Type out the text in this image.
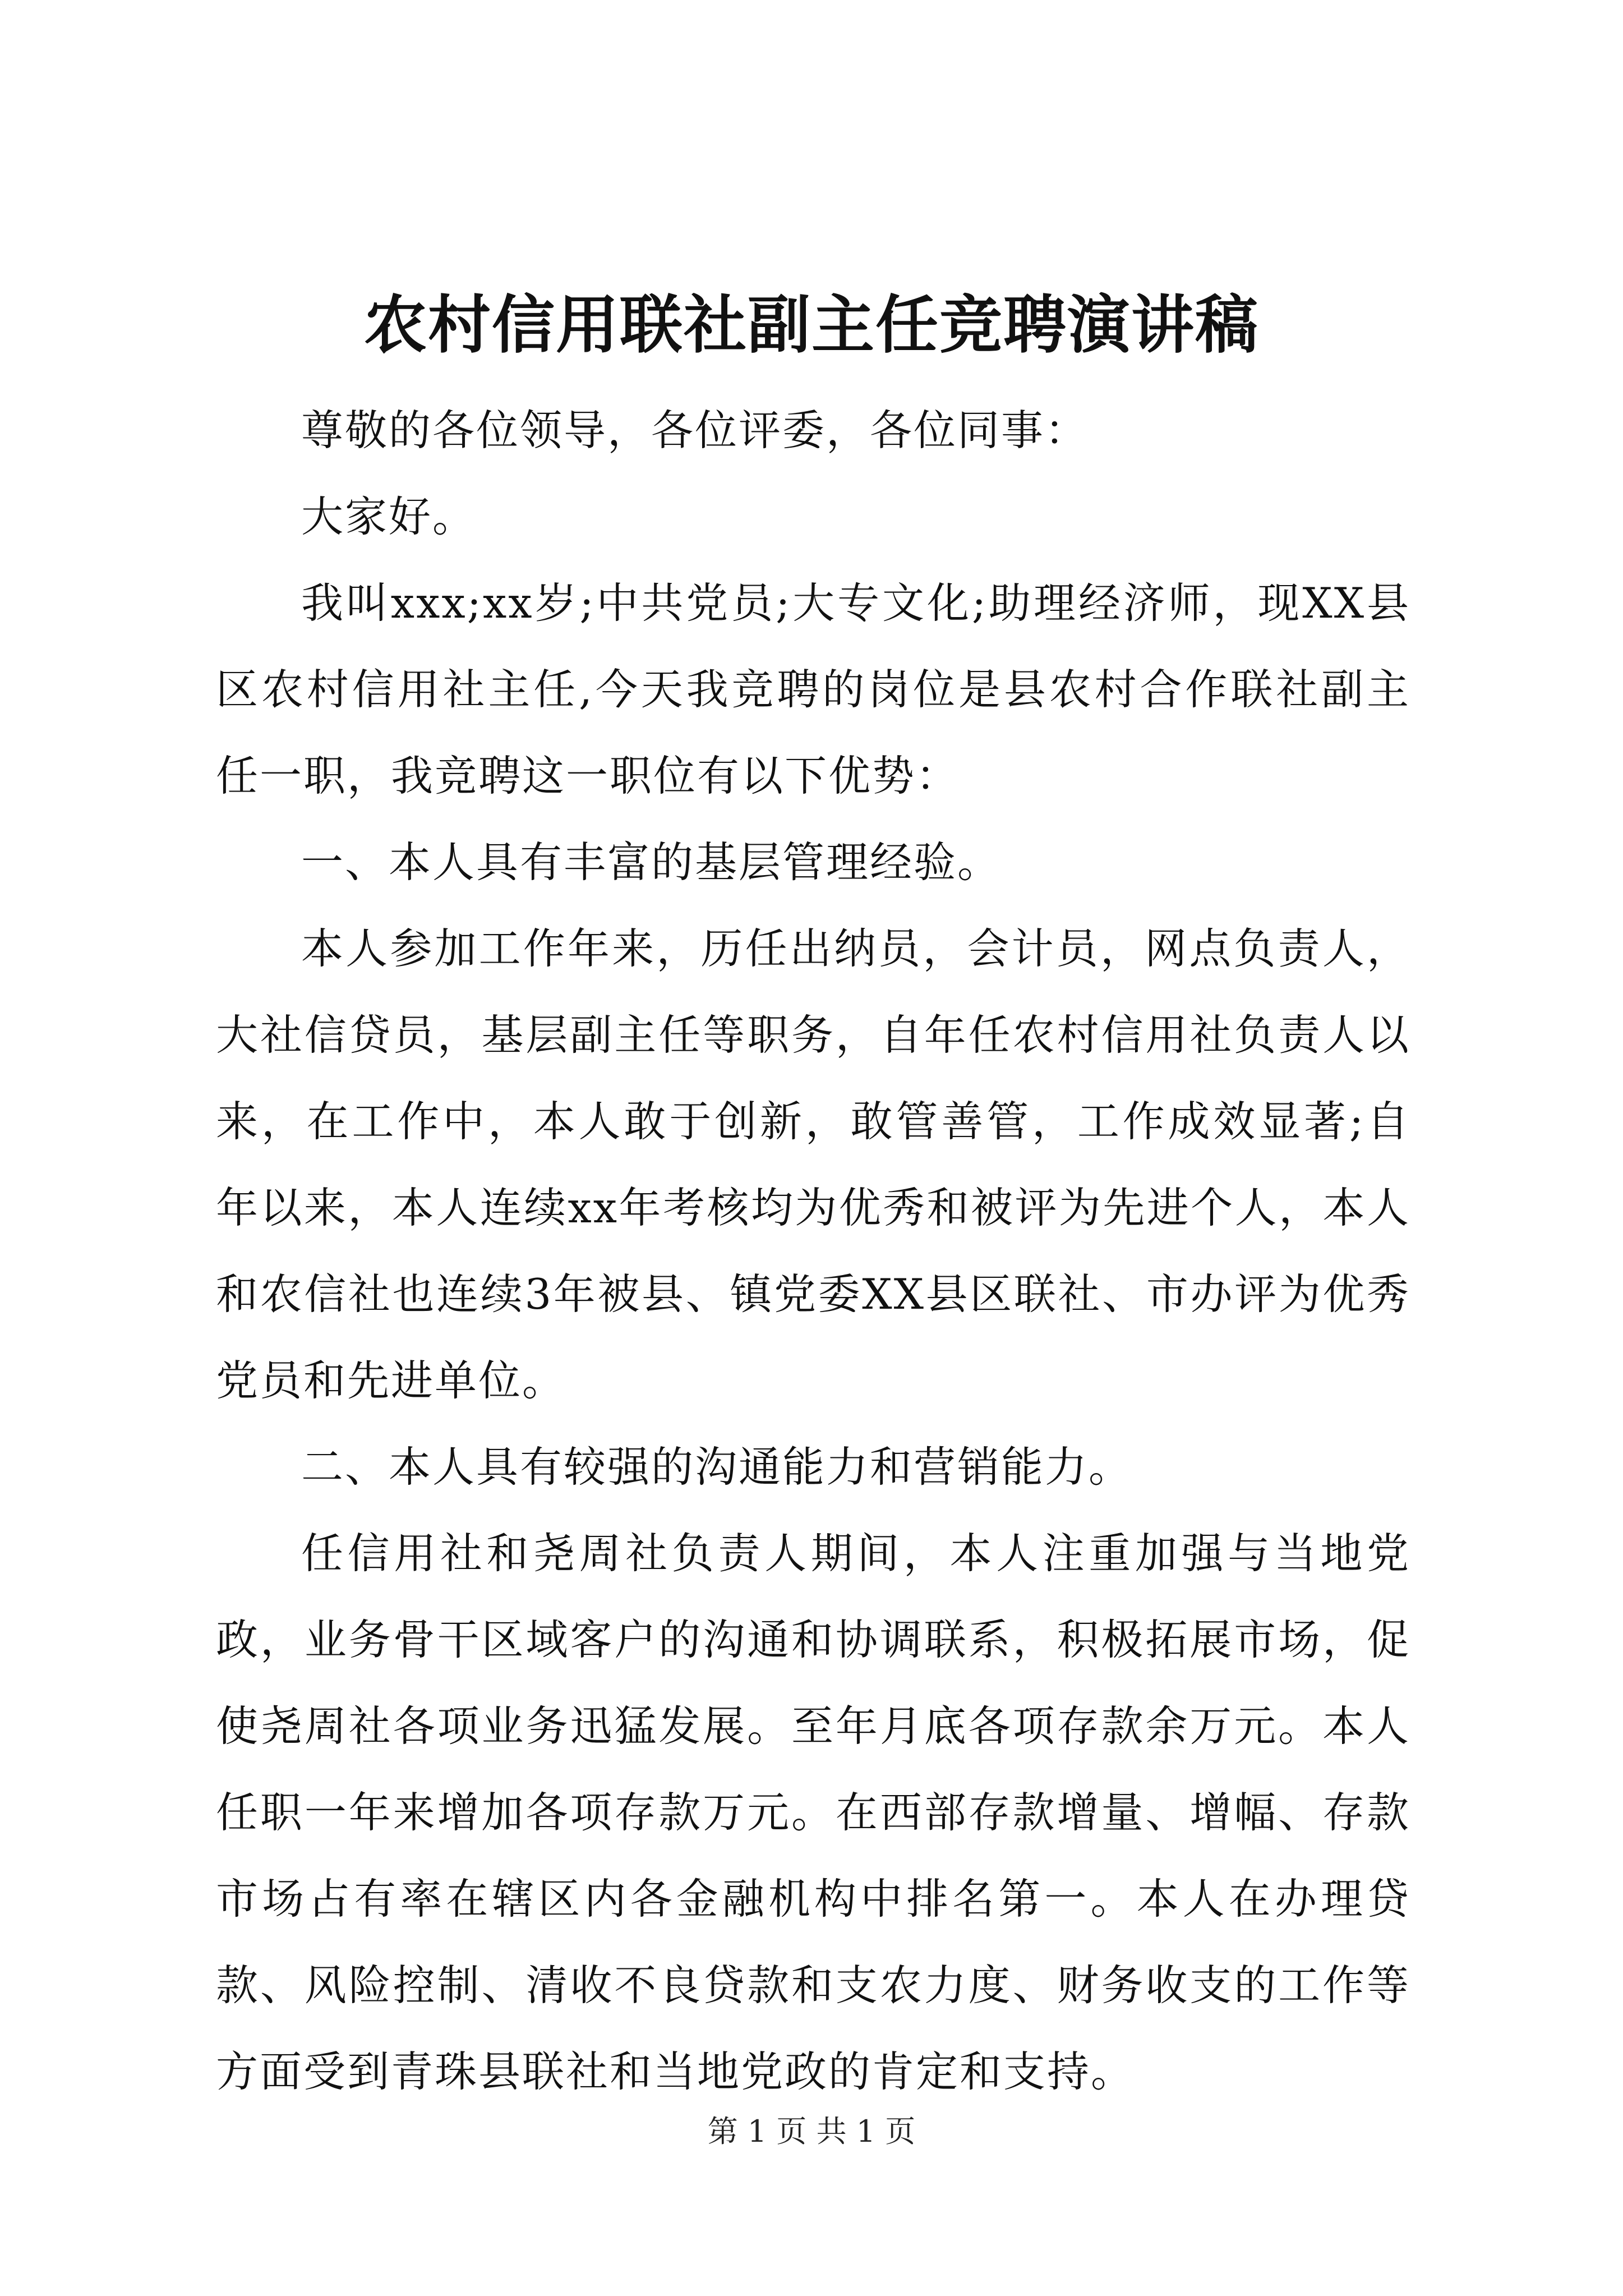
农村信用联社副主任竞聘演讲稿

尊敬的各位领导，各位评委，各位同事：

大家好。

我叫xxx;xx岁;中共党员;大专文化;助理经济师，现XX县区农村信用社主任,今天我竞聘的岗位是县农村合作联社副主任一职，我竞聘这一职位有以下优势：

一、本人具有丰富的基层管理经验。

本人参加工作年来，历任出纳员，会计员，网点负责人，大社信贷员，基层副主任等职务，自年任农村信用社负责人以来，在工作中，本人敢于创新，敢管善管，工作成效显著;自年以来，本人连续xx年考核均为优秀和被评为先进个人，本人和农信社也连续3年被县、镇党委XX县区联社、市办评为优秀党员和先进单位。

二、本人具有较强的沟通能力和营销能力。

任信用社和尧周社负责人期间，本人注重加强与当地党政，业务骨干区域客户的沟通和协调联系，积极拓展市场，促使尧周社各项业务迅猛发展。至年月底各项存款余万元。本人任职一年来增加各项存款万元。在西部存款增量、增幅、存款市场占有率在辖区内各金融机构中排名第一。本人在办理贷款、风险控制、清收不良贷款和支农力度、财务收支的工作等方面受到青珠县联社和当地党政的肯定和支持。

第 1 页 共 1 页
